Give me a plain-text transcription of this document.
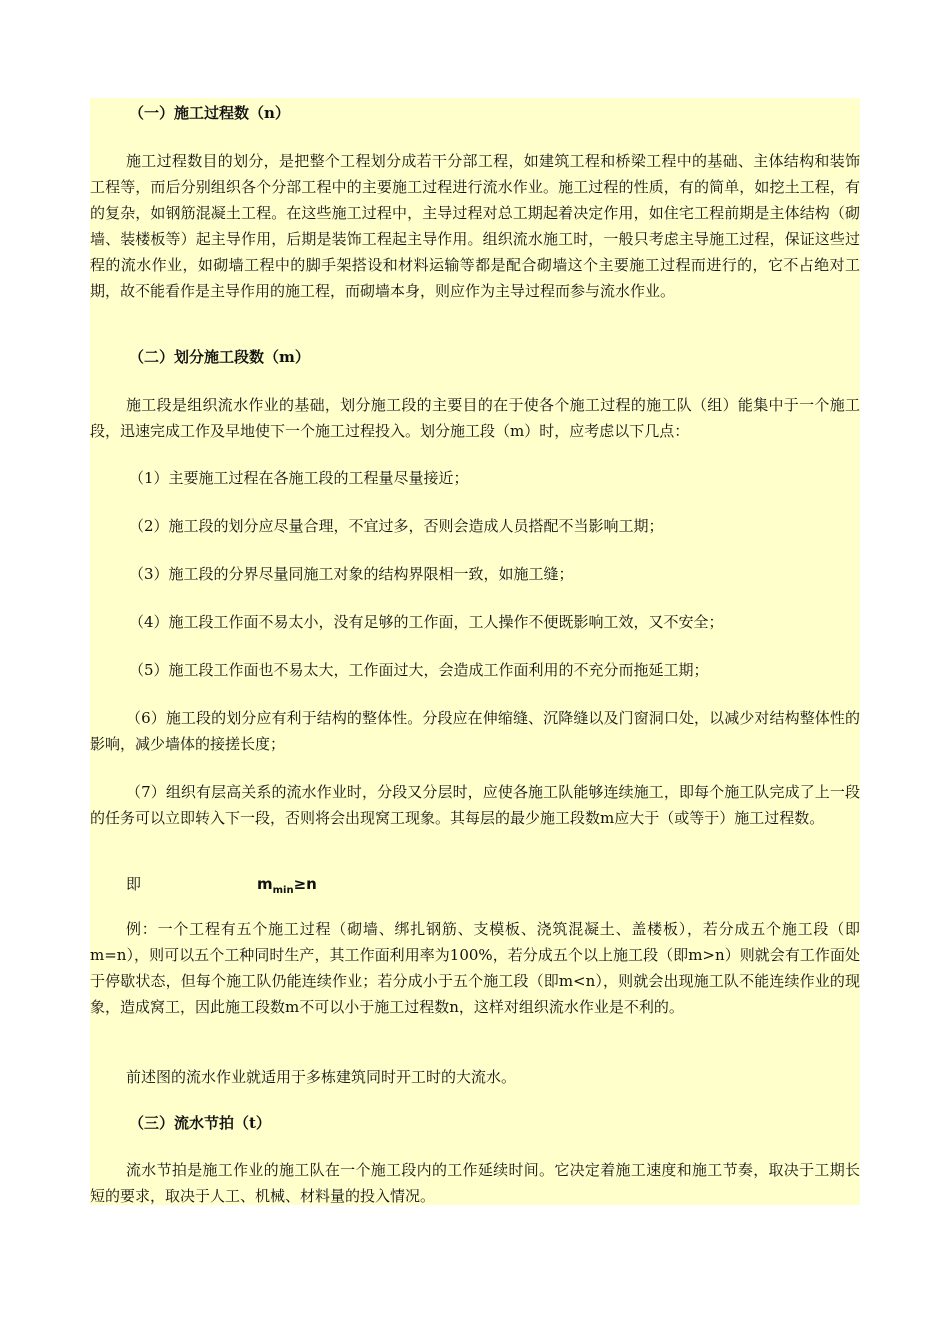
（一）施工过程数（n）
施工过程数目的划分，是把整个工程划分成若干分部工程，如建筑工程和桥梁工程中的基础、主体结构和装饰工程等，而后分别组织各个分部工程中的主要施工过程进行流水作业。施工过程的性质，有的简单，如挖土工程，有的复杂，如钢筋混凝土工程。在这些施工过程中，主导过程对总工期起着决定作用，如住宅工程前期是主体结构（砌墙、装楼板等）起主导作用，后期是装饰工程起主导作用。组织流水施工时，一般只考虑主导施工过程，保证这些过程的流水作业，如砌墙工程中的脚手架搭设和材料运输等都是配合砌墙这个主要施工过程而进行的，它不占绝对工期，故不能看作是主导作用的施工程，而砌墙本身，则应作为主导过程而参与流水作业。
（二）划分施工段数（m）
施工段是组织流水作业的基础，划分施工段的主要目的在于使各个施工过程的施工队（组）能集中于一个施工段，迅速完成工作及早地使下一个施工过程投入。划分施工段（m）时，应考虑以下几点：
（1）主要施工过程在各施工段的工程量尽量接近；
（2）施工段的划分应尽量合理，不宜过多，否则会造成人员搭配不当影响工期；
（3）施工段的分界尽量同施工对象的结构界限相一致，如施工缝；
（4）施工段工作面不易太小，没有足够的工作面，工人操作不便既影响工效，又不安全；
（5）施工段工作面也不易太大，工作面过大，会造成工作面利用的不充分而拖延工期；
（6）施工段的划分应有利于结构的整体性。分段应在伸缩缝、沉降缝以及门窗洞口处，以减少对结构整体性的影响，减少墙体的接搓长度；
（7）组织有层高关系的流水作业时，分段又分层时，应使各施工队能够连续施工，即每个施工队完成了上一段的任务可以立即转入下一段，否则将会出现窝工现象。其每层的最少施工段数m应大于（或等于）施工过程数。
即	$m_{min}\ge n$
例：一个工程有五个施工过程（砌墙、绑扎钢筋、支模板、浇筑混凝土、盖楼板），若分成五个施工段（即m=n），则可以五个工种同时生产，其工作面利用率为100%，若分成五个以上施工段（即m>n）则就会有工作面处于停歇状态，但每个施工队仍能连续作业；若分成小于五个施工段（即m<n），则就会出现施工队不能连续作业的现象，造成窝工，因此施工段数m不可以小于施工过程数n，这样对组织流水作业是不利的。
前述图的流水作业就适用于多栋建筑同时开工时的大流水。
（三）流水节拍（t）
流水节拍是施工作业的施工队在一个施工段内的工作延续时间。它决定着施工速度和施工节奏，取决于工期长短的要求，取决于人工、机械、材料量的投入情况。
